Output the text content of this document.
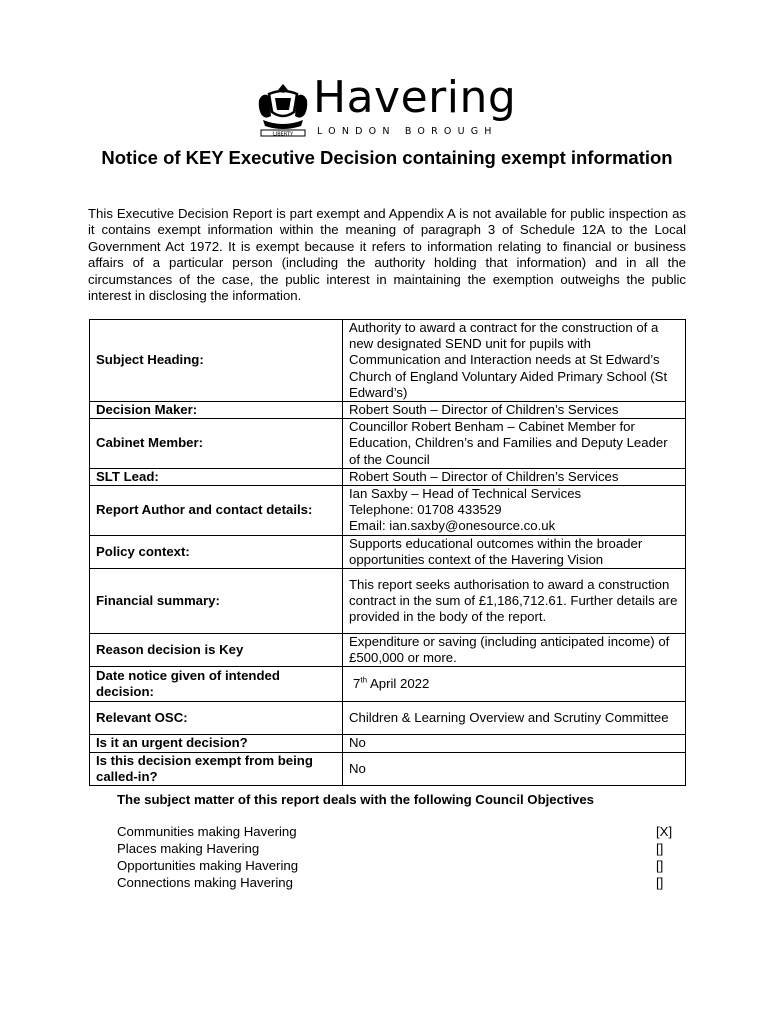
LIBERTY
Havering
LONDON BOROUGH
Notice of KEY Executive Decision containing exempt information
This Executive Decision Report is part exempt and Appendix A is not available for public inspection as it contains exempt information within the meaning of paragraph 3 of Schedule 12A to the Local Government Act 1972. It is exempt because it refers to information relating to financial or business affairs of a particular person (including the authority holding that information) and in all the circumstances of the case, the public interest in maintaining the exemption outweighs the public interest in disclosing the information.
Subject Heading:	Authority to award a contract for the construction of a new designated SEND unit for pupils with Communication and Interaction needs at St Edward’s Church of England Voluntary Aided Primary School (St Edward’s)
Decision Maker:	Robert South – Director of Children’s Services
Cabinet Member:	Councillor Robert Benham – Cabinet Member for Education, Children’s and Families and Deputy Leader of the Council
SLT Lead:	Robert South – Director of Children’s Services
Report Author and contact details:	Ian Saxby – Head of Technical Services
Telephone: 01708 433529
Email: ian.saxby@onesource.co.uk

Policy context:	Supports educational outcomes within the broader opportunities context of the Havering Vision
Financial summary:	This report seeks authorisation to award a construction contract in the sum of £1,186,712.61. Further details are provided in the body of the report.
Reason decision is Key	Expenditure or saving (including anticipated income) of £500,000 or more.
Date notice given of intended decision:	7th April 2022
Relevant OSC:	Children & Learning Overview and Scrutiny Committee
Is it an urgent decision?	No
Is this decision exempt from being called-in?	No
The subject matter of this report deals with the following Council Objectives
Communities making Havering	[X]
Places making Havering	[]
Opportunities making Havering	[]
Connections making Havering	[]
